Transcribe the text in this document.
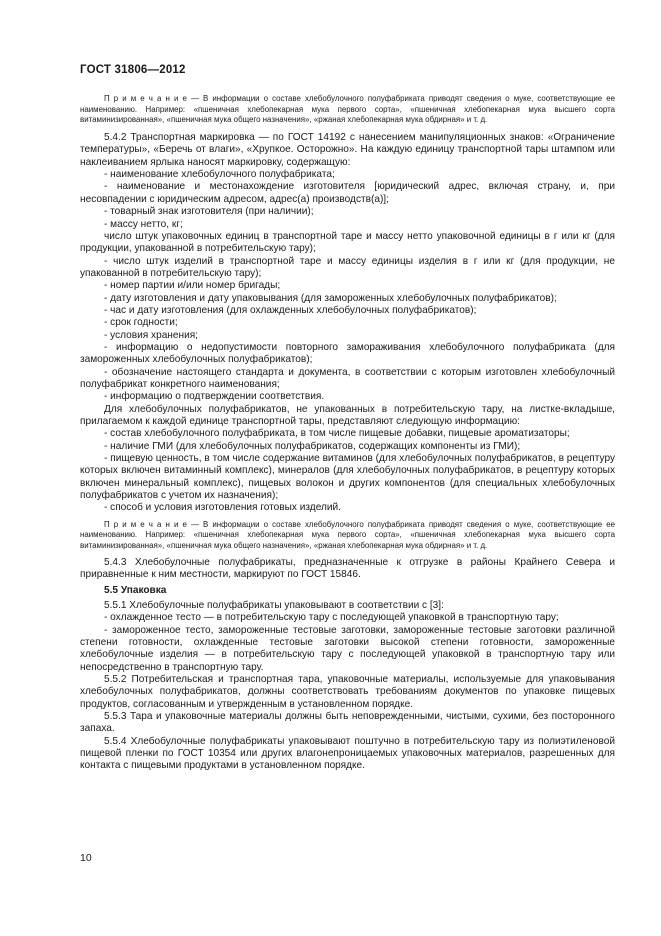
ГОСТ 31806—2012

П р и м е ч а н и е — В информации о составе хлебобулочного полуфабриката приводят сведения о муке, соответствующие ее наименованию. Например: «пшеничная хлебопекарная мука первого сорта», «пшеничная хлебопекарная мука высшего сорта витаминизированная», «пшеничная мука общего назначения», «ржаная хлебопекарная мука обдирная» и т. д.

5.4.2 Транспортная маркировка — по ГОСТ 14192 с нанесением манипуляционных знаков: «Ограничение температуры», «Беречь от влаги», «Хрупкое. Осторожно». На каждую единицу транспортной тары штампом или наклеиванием ярлыка наносят маркировку, содержащую:

- наименование хлебобулочного полуфабриката;

- наименование и местонахождение изготовителя [юридический адрес, включая страну, и, при несовпадении с юридическим адресом, адрес(а) производств(а)];

- товарный знак изготовителя (при наличии);

- массу нетто, кг;

число штук упаковочных единиц в транспортной таре и массу нетто упаковочной единицы в г или кг (для продукции, упакованной в потребительскую тару);

- число штук изделий в транспортной таре и массу единицы изделия в г или кг (для продукции, не упакованной в потребительскую тару);

- номер партии и/или номер бригады;

- дату изготовления и дату упаковывания (для замороженных хлебобулочных полуфабрикатов);

- час и дату изготовления (для охлажденных хлебобулочных полуфабрикатов);

- срок годности;

- условия хранения;

- информацию о недопустимости повторного замораживания хлебобулочного полуфабриката (для замороженных хлебобулочных полуфабрикатов);

- обозначение настоящего стандарта и документа, в соответствии с которым изготовлен хлебобулочный полуфабрикат конкретного наименования;

- информацию о подтверждении соответствия.

Для хлебобулочных полуфабрикатов, не упакованных в потребительскую тару, на листке-вкладыше, прилагаемом к каждой единице транспортной тары, представляют следующую информацию:

- состав хлебобулочного полуфабриката, в том числе пищевые добавки, пищевые ароматизаторы;

- наличие ГМИ (для хлебобулочных полуфабрикатов, содержащих компоненты из ГМИ);

- пищевую ценность, в том числе содержание витаминов (для хлебобулочных полуфабрикатов, в рецептуру которых включен витаминный комплекс), минералов (для хлебобулочных полуфабрикатов, в рецептуру которых включен минеральный комплекс), пищевых волокон и других компонентов (для специальных хлебобулочных полуфабрикатов с учетом их назначения);

- способ и условия изготовления готовых изделий.

П р и м е ч а н и е — В информации о составе хлебобулочного полуфабриката приводят сведения о муке, соответствующие ее наименованию. Например: «пшеничная хлебопекарная мука первого сорта», «пшеничная хлебопекарная мука высшего сорта витаминизированная», «пшеничная мука общего назначения», «ржаная хлебопекарная мука обдирная» и т. д.

5.4.3 Хлебобулочные полуфабрикаты, предназначенные к отгрузке в районы Крайнего Севера и приравненные к ним местности, маркируют по ГОСТ 15846.

5.5 Упаковка

5.5.1 Хлебобулочные полуфабрикаты упаковывают в соответствии с [3]:

- охлажденное тесто — в потребительскую тару с последующей упаковкой в транспортную тару;

- замороженное тесто, замороженные тестовые заготовки, замороженные тестовые заготовки различной степени готовности, охлажденные тестовые заготовки высокой степени готовности, замороженные хлебобулочные изделия — в потребительскую тару с последующей упаковкой в транспортную тару или непосредственно в транспортную тару.

5.5.2 Потребительская и транспортная тара, упаковочные материалы, используемые для упаковывания хлебобулочных полуфабрикатов, должны соответствовать требованиям документов по упаковке пищевых продуктов, согласованным и утвержденным в установленном порядке.

5.5.3 Тара и упаковочные материалы должны быть неповрежденными, чистыми, сухими, без посторонного запаха.

5.5.4 Хлебобулочные полуфабрикаты упаковывают поштучно в потребительскую тару из полиэтиленовой пищевой пленки по ГОСТ 10354 или других влагонепроницаемых упаковочных материалов, разрешенных для контакта с пищевыми продуктами в установленном порядке.

10
